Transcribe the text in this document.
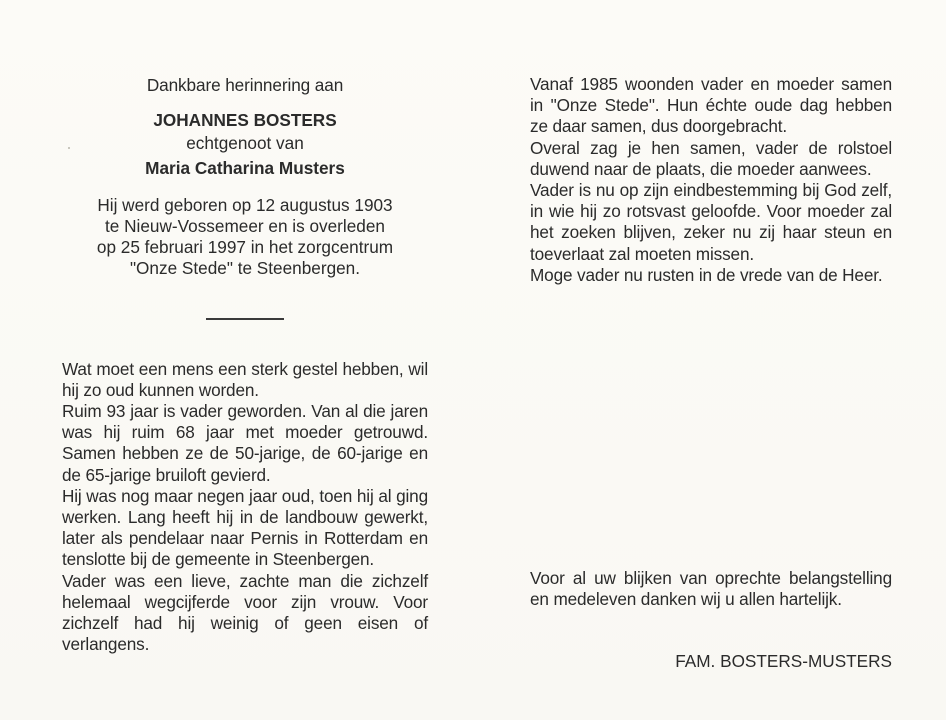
Dankbare herinnering aan
JOHANNES BOSTERS
echtgenoot van
Maria Catharina Musters
Hij werd geboren op 12 augustus 1903
te Nieuw-Vossemeer en is overleden
op 25 februari 1997 in het zorgcentrum
"Onze Stede" te Steenbergen.

Wat moet een mens een sterk gestel hebben, wil hij zo oud kunnen worden.

Ruim 93 jaar is vader geworden. Van al die jaren was hij ruim 68 jaar met moeder getrouwd. Samen hebben ze de 50-jarige, de 60-jarige en de 65-jarige bruiloft gevierd.

Hij was nog maar negen jaar oud, toen hij al ging werken. Lang heeft hij in de landbouw gewerkt, later als pendelaar naar Pernis in Rotterdam en tenslotte bij de gemeente in Steenbergen.

Vader was een lieve, zachte man die zichzelf helemaal wegcijferde voor zijn vrouw. Voor zichzelf had hij weinig of geen eisen of verlangens.

Vanaf 1985 woonden vader en moeder samen in "Onze Stede". Hun échte oude dag hebben ze daar samen, dus doorgebracht.

Overal zag je hen samen, vader de rolstoel duwend naar de plaats, die moeder aanwees.

Vader is nu op zijn eindbestemming bij God zelf, in wie hij zo rotsvast geloofde. Voor moeder zal het zoeken blijven, zeker nu zij haar steun en toeverlaat zal moeten missen.

Moge vader nu rusten in de vrede van de Heer.

Voor al uw blijken van oprechte belangstelling en medeleven danken wij u allen hartelijk.
FAM. BOSTERS-MUSTERS
